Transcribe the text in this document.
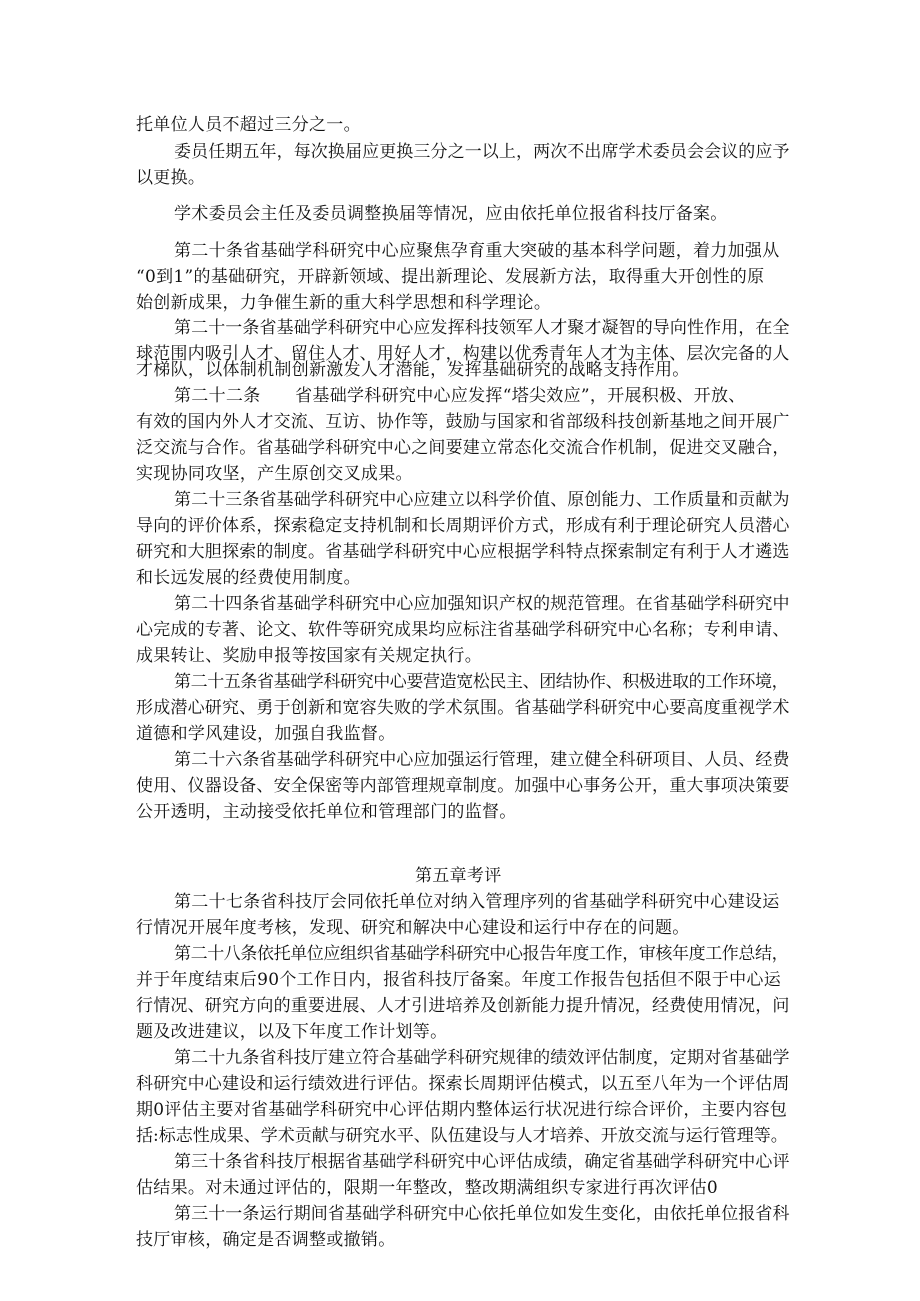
托单位人员不超过三分之一。
委员任期五年，每次换届应更换三分之一以上，两次不出席学术委员会会议的应予
以更换。
学术委员会主任及委员调整换届等情况，应由依托单位报省科技厅备案。
第二十条省基础学科研究中心应聚焦孕育重大突破的基本科学问题，着力加强从
“0到1”的基础研究，开辟新领域、提出新理论、发展新方法，取得重大开创性的原
始创新成果，力争催生新的重大科学思想和科学理论。
第二十一条省基础学科研究中心应发挥科技领军人才聚才凝智的导向性作用，在全
球范围内吸引人才、留住人才、用好人才，构建以优秀青年人才为主体、层次完备的人
才梯队，以体制机制创新激发人才潜能，发挥基础研究的战略支持作用。
第二十二条　　省基础学科研究中心应发挥“塔尖效应”，开展积极、开放、
有效的国内外人才交流、互访、协作等，鼓励与国家和省部级科技创新基地之间开展广
泛交流与合作。省基础学科研究中心之间要建立常态化交流合作机制，促进交叉融合，
实现协同攻坚，产生原创交叉成果。
第二十三条省基础学科研究中心应建立以科学价值、原创能力、工作质量和贡献为
导向的评价体系，探索稳定支持机制和长周期评价方式，形成有利于理论研究人员潜心
研究和大胆探索的制度。省基础学科研究中心应根据学科特点探索制定有利于人才遴选
和长远发展的经费使用制度。
第二十四条省基础学科研究中心应加强知识产权的规范管理。在省基础学科研究中
心完成的专著、论文、软件等研究成果均应标注省基础学科研究中心名称；专利申请、
成果转让、奖励申报等按国家有关规定执行。
第二十五条省基础学科研究中心要营造宽松民主、团结协作、积极进取的工作环境，
形成潜心研究、勇于创新和宽容失败的学术氛围。省基础学科研究中心要高度重视学术
道德和学风建设，加强自我监督。
第二十六条省基础学科研究中心应加强运行管理，建立健全科研项目、人员、经费
使用、仪器设备、安全保密等内部管理规章制度。加强中心事务公开，重大事项决策要
公开透明，主动接受依托单位和管理部门的监督。
第五章考评
第二十七条省科技厅会同依托单位对纳入管理序列的省基础学科研究中心建设运
行情况开展年度考核，发现、研究和解决中心建设和运行中存在的问题。
第二十八条依托单位应组织省基础学科研究中心报告年度工作，审核年度工作总结，
并于年度结束后90个工作日内，报省科技厅备案。年度工作报告包括但不限于中心运
行情况、研究方向的重要进展、人才引进培养及创新能力提升情况，经费使用情况，问
题及改进建议，以及下年度工作计划等。
第二十九条省科技厅建立符合基础学科研究规律的绩效评估制度，定期对省基础学
科研究中心建设和运行绩效进行评估。探索长周期评估模式，以五至八年为一个评估周
期0评估主要对省基础学科研究中心评估期内整体运行状况进行综合评价，主要内容包
括:标志性成果、学术贡献与研究水平、队伍建设与人才培养、开放交流与运行管理等。
第三十条省科技厅根据省基础学科研究中心评估成绩，确定省基础学科研究中心评
估结果。对未通过评估的，限期一年整改，整改期满组织专家进行再次评估0
第三十一条运行期间省基础学科研究中心依托单位如发生变化，由依托单位报省科
技厅审核，确定是否调整或撤销。
